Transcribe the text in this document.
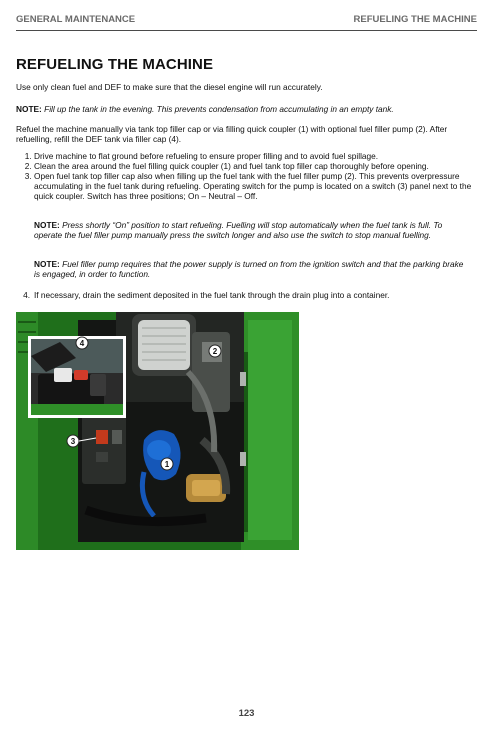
GENERAL MAINTENANCE	REFUELING THE MACHINE
REFUELING THE MACHINE
Use only clean fuel and DEF to make sure that the diesel engine will run accurately.
NOTE: Fill up the tank in the evening. This prevents condensation from accumulating in an empty tank.
Refuel the machine manually via tank top filler cap or via filling quick coupler (1) with optional fuel filler pump (2). After refuelling, refill the DEF tank via filler cap (4).
1. Drive machine to flat ground before refueling to ensure proper filling and to avoid fuel spillage.
2. Clean the area around the fuel filling quick coupler (1) and fuel tank top filler cap thoroughly before opening.
3. Open fuel tank top filler cap also when filling up the fuel tank with the fuel filler pump (2). This prevents overpressure accumulating in the fuel tank during refueling. Operating switch for the pump is located on a switch (3) panel next to the quick coupler. Switch has three positions; On – Neutral – Off.
NOTE: Press shortly “On” position to start refueling. Fuelling will stop automatically when the fuel tank is full. To operate the fuel filler pump manually press the switch longer and also use the switch to stop manual fuelling.
NOTE: Fuel filler pump requires that the power supply is turned on from the ignition switch and that the parking brake is engaged, in order to function.
4. If necessary, drain the sediment deposited in the fuel tank through the drain plug into a container.
4
2
3
1
123
